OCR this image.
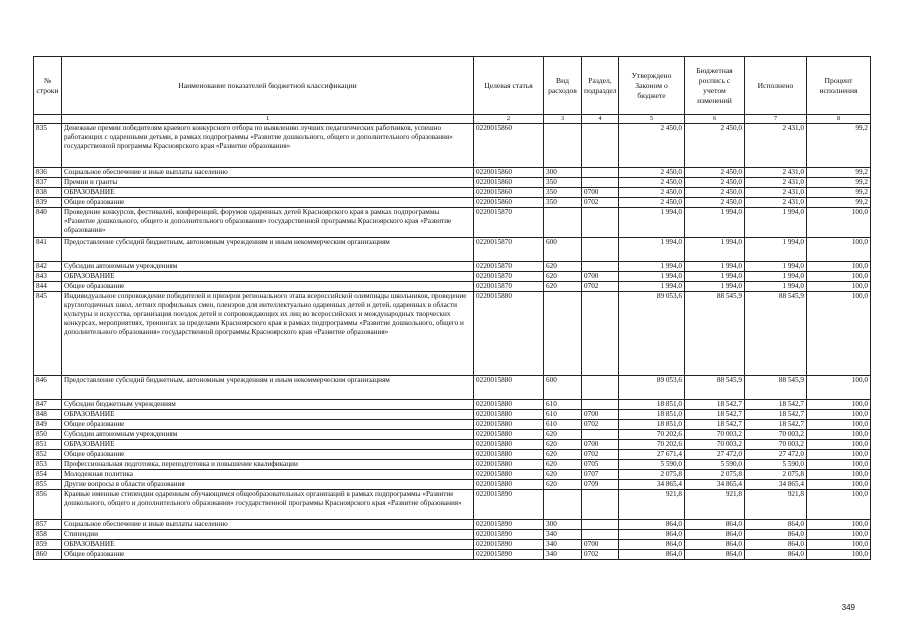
№ строки	Наименование показателей бюджетной классификации	Целевая статья	Вид расходов	Раздел, подраздел	Утверждено Законом о бюджете	Бюджетная роспись с учетом изменений	Исполнено	Процент исполнения
	1	2	3	4	5	6	7	8
835	Денежные премии победителям краевого конкурсного отбора по выявлению лучших педагогических работников, успешно работающих с одаренными детьми, в рамках подпрограммы «Развитие дошкольного, общего и дополнительного образования» государственной программы Красноярского края «Развитие образования»	0220015860			2 450,0	2 450,0	2 431,0	99,2
836	Социальное обеспечение и иные выплаты населению	0220015860	300		2 450,0	2 450,0	2 431,0	99,2
837	Премии и гранты	0220015860	350		2 450,0	2 450,0	2 431,0	99,2
838	ОБРАЗОВАНИЕ	0220015860	350	0700	2 450,0	2 450,0	2 431,0	99,2
839	Общее образование	0220015860	350	0702	2 450,0	2 450,0	2 431,0	99,2
840	Проведение конкурсов, фестивалей, конференций, форумов одаренных детей Красноярского края в рамках подпрограммы «Развитие дошкольного, общего и дополнительного образования» государственной программы Красноярского края «Развитие образования»	0220015870			1 994,0	1 994,0	1 994,0	100,0
841	Предоставление субсидий бюджетным, автономным учреждениям и иным некоммерческим организациям	0220015870	600		1 994,0	1 994,0	1 994,0	100,0
842	Субсидии автономным учреждениям	0220015870	620		1 994,0	1 994,0	1 994,0	100,0
843	ОБРАЗОВАНИЕ	0220015870	620	0700	1 994,0	1 994,0	1 994,0	100,0
844	Общее образование	0220015870	620	0702	1 994,0	1 994,0	1 994,0	100,0
845	Индивидуальное сопровождение победителей и призеров регионального этапа всероссийской олимпиады школьников, проведение круглогодичных школ, летних профильных смен, пленэров для интеллектуально одаренных детей и детей, одаренных в области культуры и искусства, организация поездок детей и сопровождающих их лиц во всероссийских и международных творческих конкурсах, мероприятиях, тренингах за пределами Красноярского края в рамках подпрограммы «Развитие дошкольного, общего и дополнительного образования» государственной программы Красноярского края «Развитие образования»	0220015880			89 053,6	88 545,9	88 545,9	100,0
846	Предоставление субсидий бюджетным, автономным учреждениям и иным некоммерческим организациям	0220015880	600		89 053,6	88 545,9	88 545,9	100,0
847	Субсидии бюджетным учреждениям	0220015880	610		18 851,0	18 542,7	18 542,7	100,0
848	ОБРАЗОВАНИЕ	0220015880	610	0700	18 851,0	18 542,7	18 542,7	100,0
849	Общее образование	0220015880	610	0702	18 851,0	18 542,7	18 542,7	100,0
850	Субсидии автономным учреждениям	0220015880	620		70 202,6	70 003,2	70 003,2	100,0
851	ОБРАЗОВАНИЕ	0220015880	620	0700	70 202,6	70 003,2	70 003,2	100,0
852	Общее образование	0220015880	620	0702	27 671,4	27 472,0	27 472,0	100,0
853	Профессиональная подготовка, переподготовка и повышение квалификации	0220015880	620	0705	5 590,0	5 590,0	5 590,0	100,0
854	Молодежная политика	0220015880	620	0707	2 075,8	2 075,8	2 075,8	100,0
855	Другие вопросы в области образования	0220015880	620	0709	34 865,4	34 865,4	34 865,4	100,0
856	Краевые именные стипендии одаренным обучающимся общеобразовательных организаций в рамках подпрограммы «Развитие дошкольного, общего и дополнительного образования» государственной программы Красноярского края «Развитие образования»	0220015890			921,8	921,8	921,8	100,0
857	Социальное обеспечение и иные выплаты населению	0220015890	300		864,0	864,0	864,0	100,0
858	Стипендии	0220015890	340		864,0	864,0	864,0	100,0
859	ОБРАЗОВАНИЕ	0220015890	340	0700	864,0	864,0	864,0	100,0
860	Общее образование	0220015890	340	0702	864,0	864,0	864,0	100,0
349
